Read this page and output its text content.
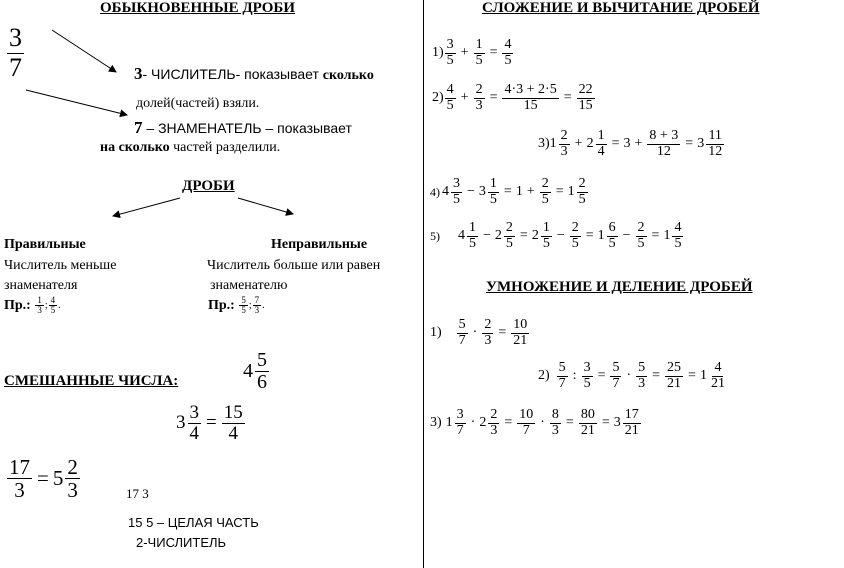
ОБЫКНОВЕННЫЕ ДРОБИ
$\frac{3}{7}$	3- ЧИСЛИТЕЛЬ- показывает сколько
долей(частей) взяли.
7 – ЗНАМЕНАТЕЛЬ – показывает
на сколько частей разделили.
ДРОБИ
Правильные
Числитель меньше
знаменателя
Пр.:
$\frac{1}{3}$ ; $\frac{4}{5}$ .
Неправильные
Числитель больше или равен
знаменателю
Пр.:
$\frac{5}{5}$ ; $\frac{7}{3}$ .
СМЕШАННЫЕ ЧИСЛА:	$4 \frac{5}{6}$
$3 \frac{3}{4} = \frac{15}{4}$
$\frac{17}{3} = 5 \frac{2}{3}$	17 3
15 5 – ЦЕЛАЯ ЧАСТЬ
2-ЧИСЛИТЕЛЬ
СЛОЖЕНИЕ И ВЫЧИТАНИЕ ДРОБЕЙ
$1) \frac{3}{5} + \frac{1}{5} = \frac{4}{5}$
$2) \frac{4}{5} + \frac{2}{3} = \frac{4\cdot 3 + 2\cdot 5}{15} = \frac{22}{15}$
3) $1 \frac{2}{3} + 2 \frac{1}{4} = 3 + \frac{8 + 3}{12} = 3 \frac{11}{12}$
4) $4 \frac{3}{5} - 3 \frac{1}{5} = 1 + \frac{2}{5} = 1 \frac{2}{5}$
5) $4 \frac{1}{5} - 2 \frac{2}{5} = 2 \frac{1}{5} - \frac{2}{5} = 1 \frac{6}{5} - \frac{2}{5} = 1 \frac{4}{5}$
УМНОЖЕНИЕ И ДЕЛЕНИЕ ДРОБЕЙ
$1) \frac{5}{7} \cdot \frac{2}{3} = \frac{10}{21}$
$2) \frac{5}{7}$ : $\frac{3}{5} = \frac{5}{7} \cdot \frac{5}{3} = \frac{25}{21} = 1 \frac{4}{21}$
3) $1 \frac{3}{7} \cdot 2 \frac{2}{3} = \frac{10}{7} \cdot \frac{8}{3} = \frac{80}{21} = 3 \frac{17}{21}$
